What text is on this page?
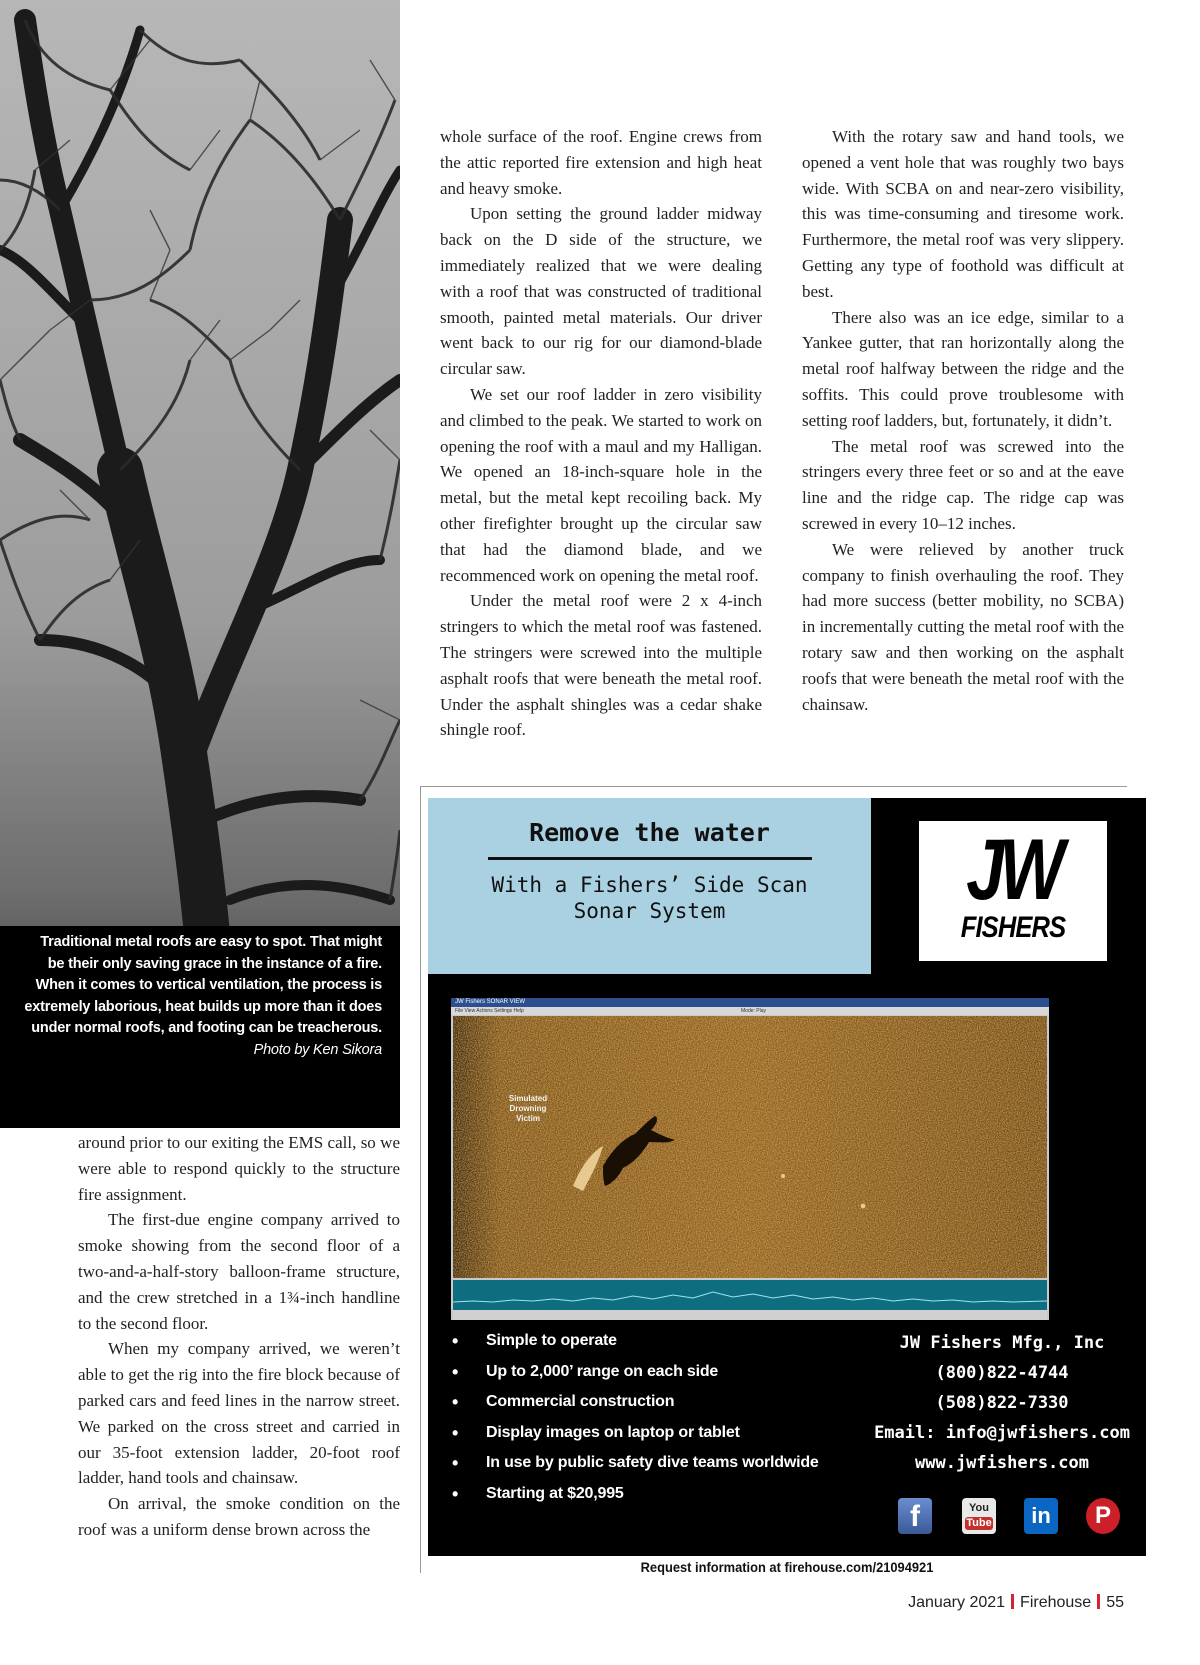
Traditional metal roofs are easy to spot. That might be their only saving grace in the instance of a fire. When it comes to vertical ventilation, the process is extremely laborious, heat builds up more than it does under normal roofs, and footing can be treacherous.
Photo by Ken Sikora

around prior to our exiting the EMS call, so we were able to respond quickly to the structure fire assignment.

The first-due engine company arrived to smoke showing from the second floor of a two-and-a-half-story balloon-frame structure, and the crew stretched in a 1¾-inch handline to the second floor.

When my company arrived, we weren’t able to get the rig into the fire block because of parked cars and feed lines in the narrow street. We parked on the cross street and carried in our 35-foot extension ladder, 20-foot roof ladder, hand tools and chainsaw.

On arrival, the smoke condition on the roof was a uniform dense brown across the

whole surface of the roof. Engine crews from the attic reported fire extension and high heat and heavy smoke.

Upon setting the ground ladder midway back on the D side of the structure, we immediately realized that we were dealing with a roof that was constructed of traditional smooth, painted metal materials. Our driver went back to our rig for our diamond-blade circular saw.

We set our roof ladder in zero visibility and climbed to the peak. We started to work on opening the roof with a maul and my Halligan. We opened an 18-inch-square hole in the metal, but the metal kept recoiling back. My other firefighter brought up the circular saw that had the diamond blade, and we recommenced work on opening the metal roof.

Under the metal roof were 2 x 4-inch stringers to which the metal roof was fastened. The stringers were screwed into the multiple asphalt roofs that were beneath the metal roof. Under the asphalt shingles was a cedar shake shingle roof.

With the rotary saw and hand tools, we opened a vent hole that was roughly two bays wide. With SCBA on and near-zero visibility, this was time-consuming and tiresome work. Furthermore, the metal roof was very slippery. Getting any type of foothold was difficult at best.

There also was an ice edge, similar to a Yankee gutter, that ran horizontally along the metal roof halfway between the ridge and the soffits. This could prove troublesome with setting roof ladders, but, fortunately, it didn’t.

The metal roof was screwed into the stringers every three feet or so and at the eave line and the ridge cap. The ridge cap was screwed in every 10–12 inches.

We were relieved by another truck company to finish overhauling the roof. They had more success (better mobility, no SCBA) in incrementally cutting the metal roof with the rotary saw and then working on the asphalt roofs that were beneath the metal roof with the chainsaw.

Remove the water
With a Fishers’ Side Scan
Sonar System	JW
FISHERS
JW Fishers SONAR VIEW
File View Actions Settings Help	Mode: Play
Simulated Drowning Victim
• Simple to operate
• Up to 2,000’ range on each side
• Commercial construction
• Display images on laptop or tablet
• In use by public safety dive teams worldwide
• Starting at $20,995
JW Fishers Mfg., Inc
(800)822-4744
(508)822-7330
Email: info@jwfishers.com
www.jwfishers.com
f	You
Tube	in	P
Request information at firehouse.com/21094921
January 2021 Firehouse 55
